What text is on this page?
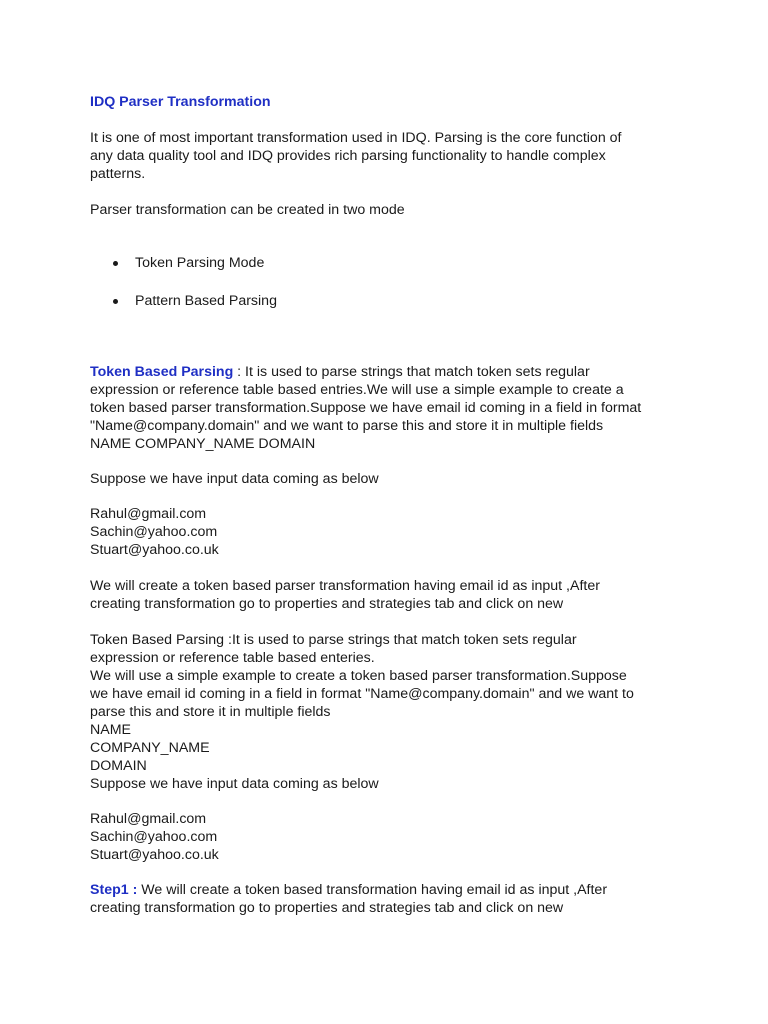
IDQ Parser Transformation
It is one of most important transformation used in IDQ. Parsing is the core function of
any data quality tool and IDQ provides rich parsing functionality to handle complex
patterns.
Parser transformation can be created in two mode
Token Parsing Mode
Pattern Based Parsing
Token Based Parsing : It is used to parse strings that match token sets regular
expression or reference table based entries.We will use a simple example to create a
token based parser transformation.Suppose we have email id coming in a field in format
"Name@company.domain" and we want to parse this and store it in multiple fields
NAME COMPANY_NAME DOMAIN
Suppose we have input data coming as below
Rahul@gmail.com
Sachin@yahoo.com
Stuart@yahoo.co.uk
We will create a token based parser transformation having email id as input ,After
creating transformation go to properties and strategies tab and click on new
Token Based Parsing :It is used to parse strings that match token sets regular
expression or reference table based enteries.
We will use a simple example to create a token based parser transformation.Suppose
we have email id coming in a field in format "Name@company.domain" and we want to
parse this and store it in multiple fields
NAME
COMPANY_NAME
DOMAIN
Suppose we have input data coming as below
Rahul@gmail.com
Sachin@yahoo.com
Stuart@yahoo.co.uk
Step1 : We will create a token based transformation having email id as input ,After
creating transformation go to properties and strategies tab and click on new
